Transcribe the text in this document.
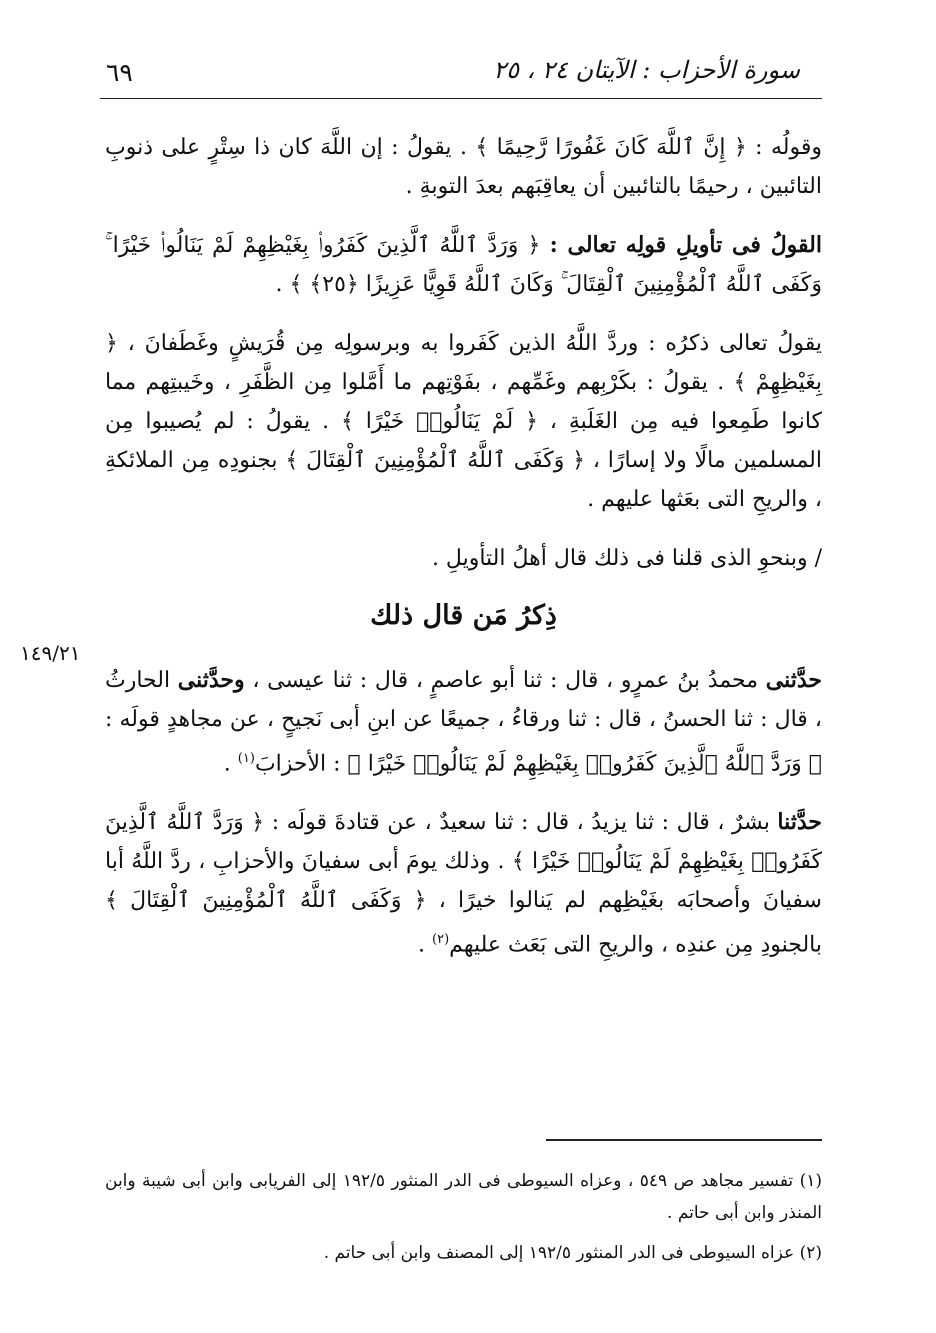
٦٩	سورة الأحزاب : الآيتان ٢٤ ، ٢٥
١٤٩/٢١

وقولُه : ﴿ إِنَّ ٱللَّهَ كَانَ غَفُورًا رَّحِيمًا ﴾ . يقولُ : إن اللَّهَ كان ذا سِتْرٍ على ذنوبِ التائبين ، رحيمًا بالتائبين أن يعاقِبَهم بعدَ التوبةِ .

القولُ فى تأويلِ قولِه تعالى : ﴿ وَرَدَّ ٱللَّهُ ٱلَّذِينَ كَفَرُوا۟ بِغَيْظِهِمْ لَمْ يَنَالُوا۟ خَيْرًا ۚ وَكَفَى ٱللَّهُ ٱلْمُؤْمِنِينَ ٱلْقِتَالَ ۚ وَكَانَ ٱللَّهُ قَوِيًّا عَزِيزًا ﴿٢٥﴾ ﴾ .

يقولُ تعالى ذكرُه : وردَّ اللَّهُ الذين كَفَروا به وبرسولِه مِن قُرَيشٍ وغَطَفانَ ، ﴿ بِغَيْظِهِمْ ﴾ . يقولُ : بكَرْبِهم وغَمِّهم ، بفَوْتِهم ما أَمَّلوا مِن الظَّفَرِ ، وخَيبتِهم مما كانوا طَمِعوا فيه مِن الغَلَبةِ ، ﴿ لَمْ يَنَالُوا۟ خَيْرًا ﴾ . يقولُ : لم يُصيبوا مِن المسلمين مالًا ولا إسارًا ، ﴿ وَكَفَى ٱللَّهُ ٱلْمُؤْمِنِينَ ٱلْقِتَالَ ﴾ بجنودِه مِن الملائكةِ ، والريحِ التى بعَثها عليهم .

/ وبنحوِ الذى قلنا فى ذلك قال أهلُ التأويلِ .

ذِكرُ مَن قال ذلك

حدَّثنى محمدُ بنُ عمرٍو ، قال : ثنا أبو عاصمٍ ، قال : ثنا عيسى ، وحدَّثنى الحارثُ ، قال : ثنا الحسنُ ، قال : ثنا ورقاءُ ، جميعًا عن ابنِ أبى نَجيحٍ ، عن مجاهدٍ قولَه : ﴿ وَرَدَّ ٱللَّهُ ٱلَّذِينَ كَفَرُوا۟ بِغَيْظِهِمْ لَمْ يَنَالُوا۟ خَيْرًا ﴾ : الأحزابَ$^{(١)}$ .

حدَّثنا بشرٌ ، قال : ثنا يزيدُ ، قال : ثنا سعيدٌ ، عن قتادةَ قولَه : ﴿ وَرَدَّ ٱللَّهُ ٱلَّذِينَ كَفَرُوا۟ بِغَيْظِهِمْ لَمْ يَنَالُوا۟ خَيْرًا ﴾ . وذلك يومَ أبى سفيانَ والأحزابِ ، ردَّ اللَّهُ أبا سفيانَ وأصحابَه بغَيْظِهم لم يَنالوا خيرًا ، ﴿ وَكَفَى ٱللَّهُ ٱلْمُؤْمِنِينَ ٱلْقِتَالَ ﴾ بالجنودِ مِن عندِه ، والريحِ التى بَعَث عليهم$^{(٢)}$ .

(١) تفسير مجاهد ص ٥٤٩ ، وعزاه السيوطى فى الدر المنثور ١٩٢/٥ إلى الفريابى وابن أبى شيبة وابن المنذر وابن أبى حاتم .

(٢) عزاه السيوطى فى الدر المنثور ١٩٢/٥ إلى المصنف وابن أبى حاتم .
